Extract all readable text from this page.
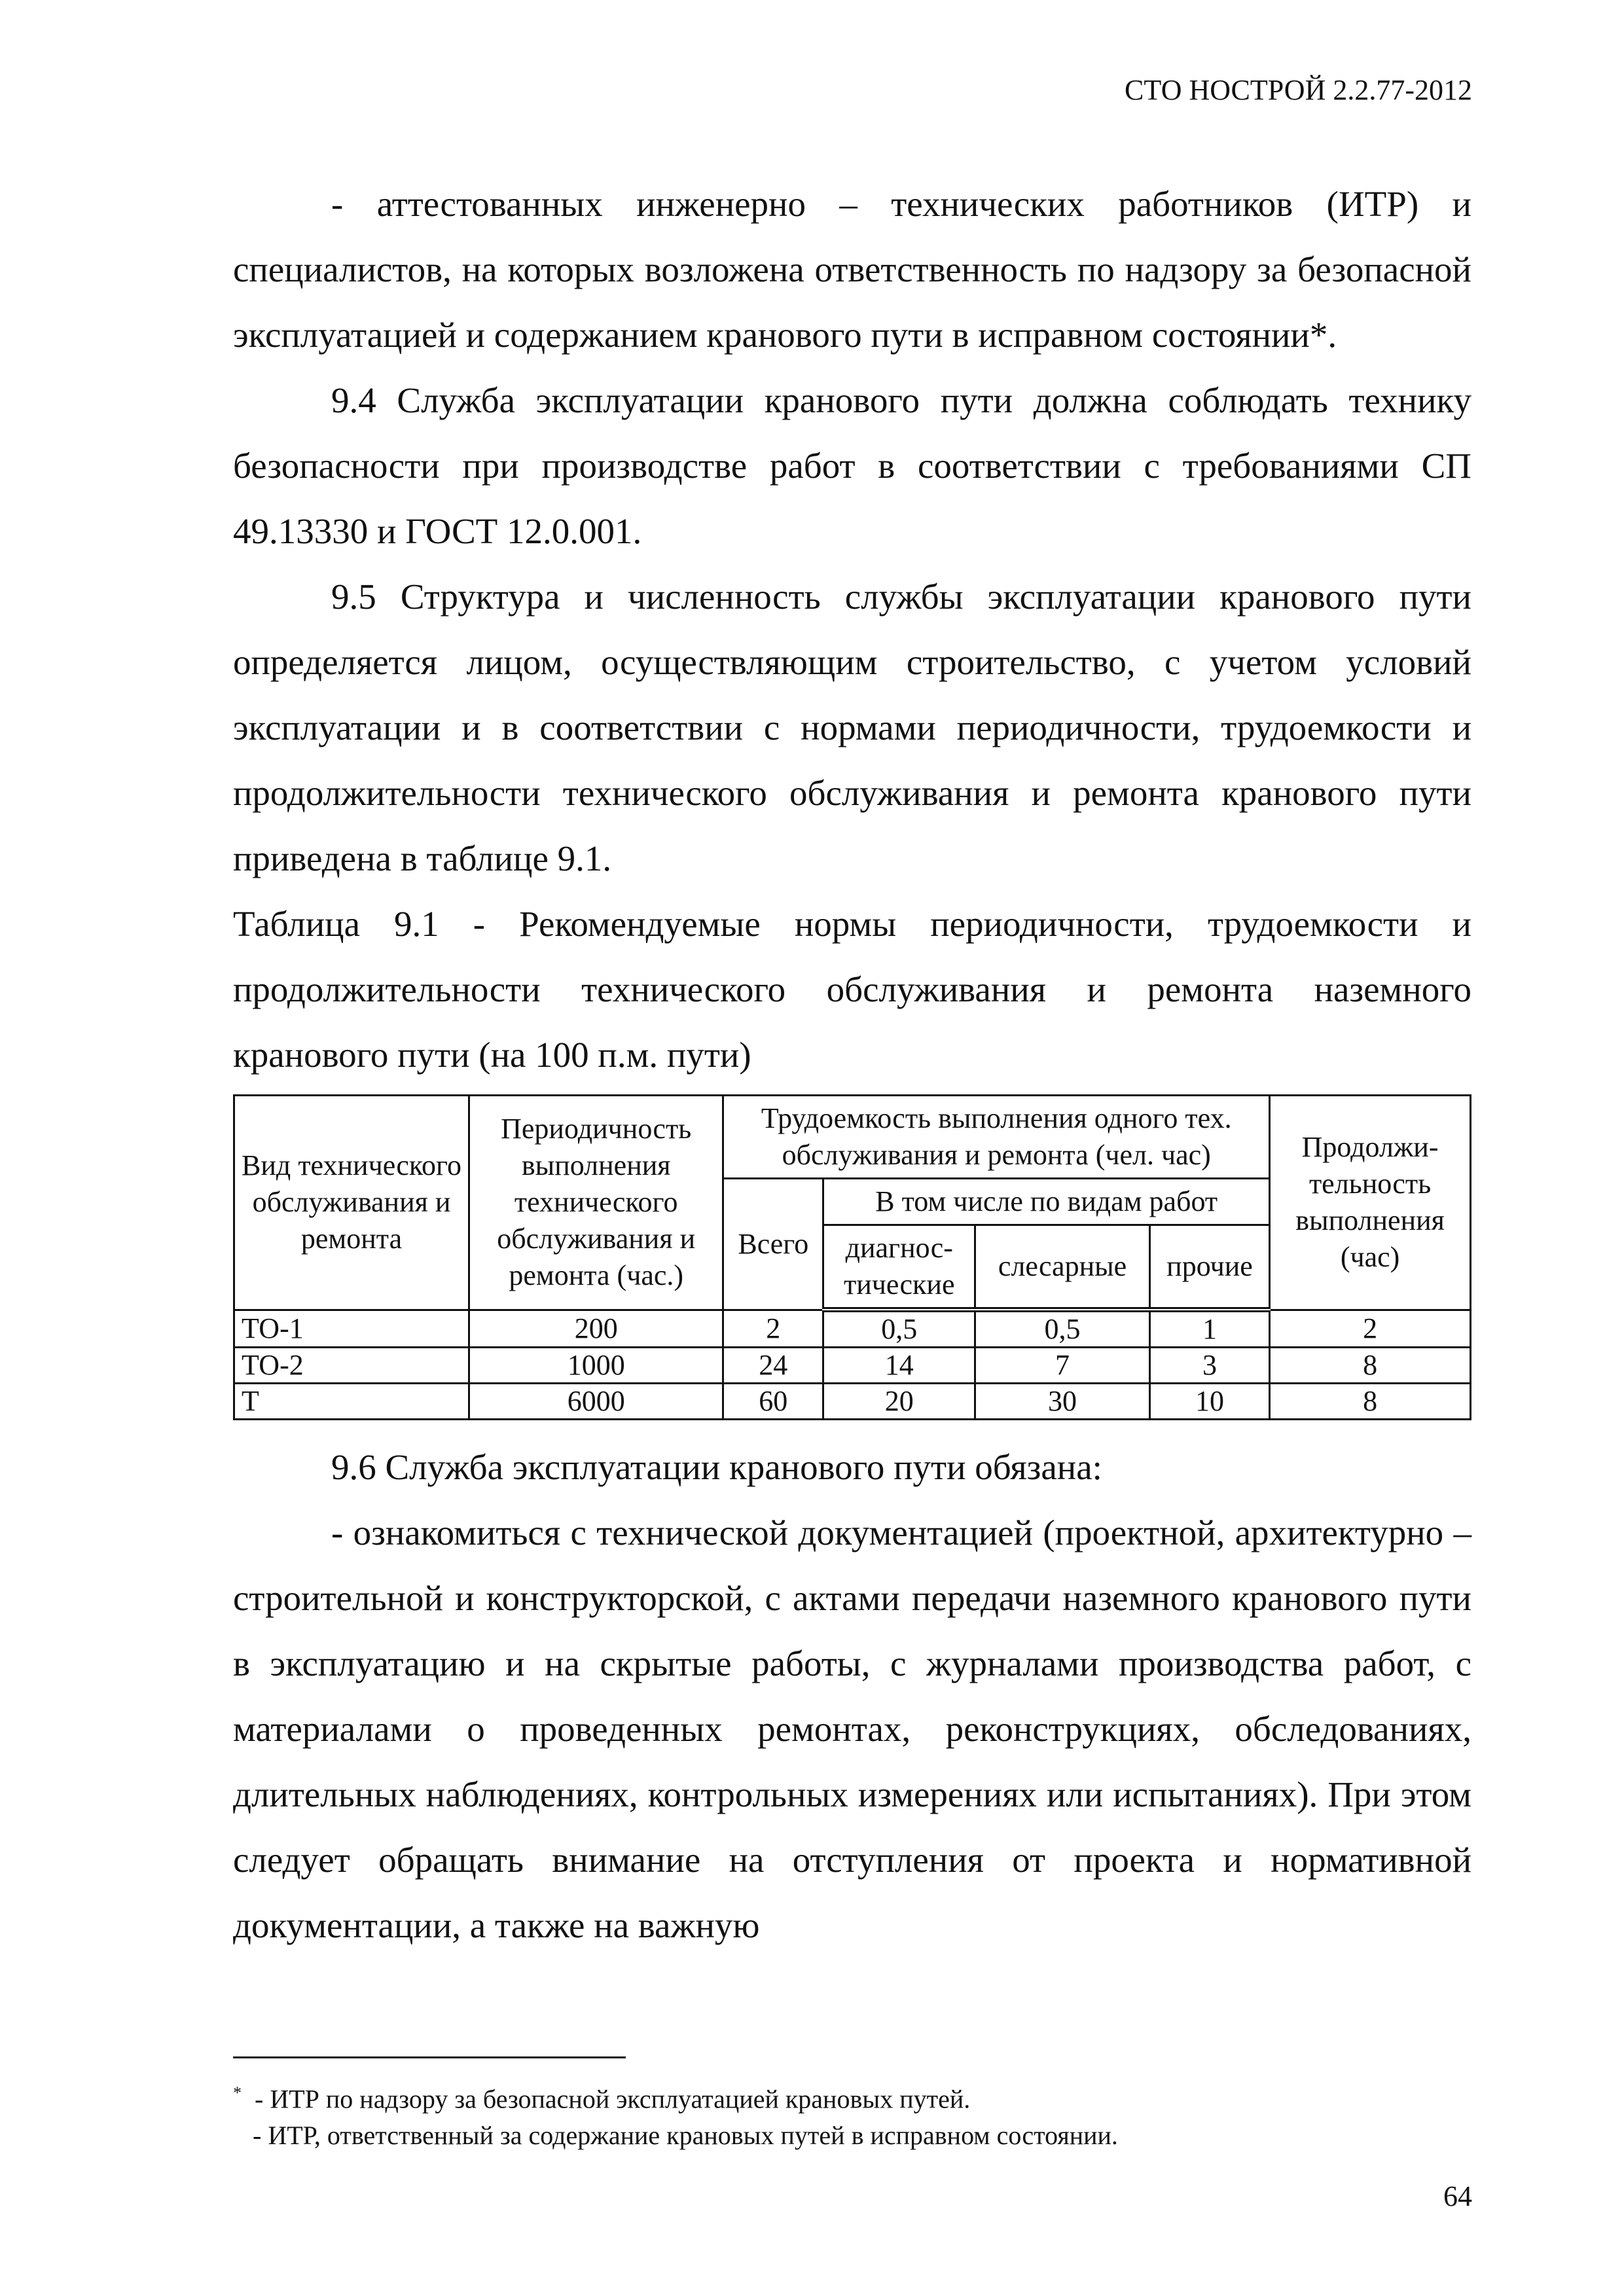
СТО НОСТРОЙ 2.2.77-2012

- аттестованных инженерно – технических работников (ИТР) и специалистов, на которых возложена ответственность по надзору за безопасной эксплуатацией и содержанием кранового пути в исправном состоянии*.

9.4 Служба эксплуатации кранового пути должна соблюдать технику безопасности при производстве работ в соответствии с требованиями СП 49.13330 и ГОСТ 12.0.001.

9.5 Структура и численность службы эксплуатации кранового пути определяется лицом, осуществляющим строительство, с учетом условий эксплуатации и в соответствии с нормами периодичности, трудоемкости и продолжительности технического обслуживания и ремонта кранового пути приведена в таблице 9.1.

Таблица 9.1 - Рекомендуемые нормы периодичности, трудоемкости и продолжительности технического обслуживания и ремонта наземного кранового пути (на 100 п.м. пути)

Вид технического обслуживания и ремонта	Периодичность выполнения технического обслуживания и ремонта (час.)	Трудоемкость выполнения одного тех. обслуживания и ремонта (чел. час)				Продолжи-тельность выполнения (час)
		Всего	В том числе по видам работ			
			диагнос-тические	слесарные	прочие	
ТО-1	200	2	0,5	0,5	1	2
ТО-2	1000	24	14	7	3	8
Т	6000	60	20	30	10	8

9.6 Служба эксплуатации кранового пути обязана:

- ознакомиться с технической документацией (проектной, архитектурно – строительной и конструкторской, с актами передачи наземного кранового пути в эксплуатацию и на скрытые работы, с журналами производства работ, с материалами о проведенных ремонтах, реконструкциях, обследованиях, длительных наблюдениях, контрольных измерениях или испытаниях). При этом следует обращать внимание на отступления от проекта и нормативной документации, а также на важную

* - ИТР по надзору за безопасной эксплуатацией крановых путей.

- ИТР, ответственный за содержание крановых путей в исправном состоянии.

64
